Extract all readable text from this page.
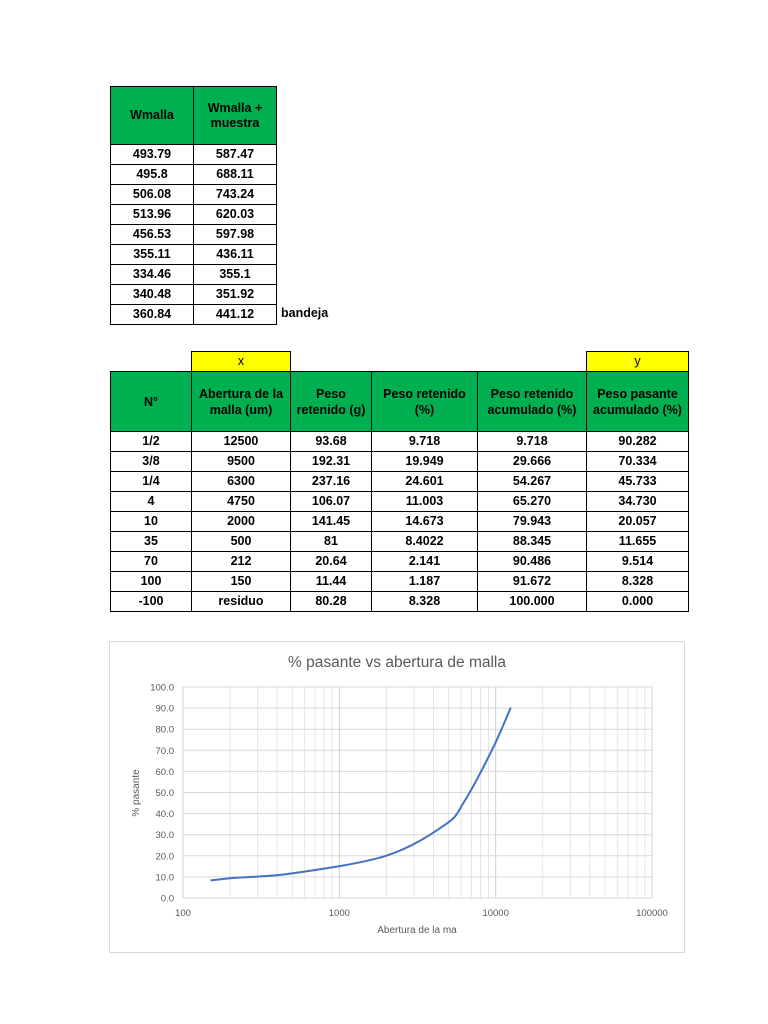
Wmalla	Wmalla + muestra
493.79	587.47
495.8	688.11
506.08	743.24
513.96	620.03
456.53	597.98
355.11	436.11
334.46	355.1
340.48	351.92
360.84	441.12 bandeja
x	y
N°	Abertura de la malla (um)	Peso retenido (g)	Peso retenido (%)	Peso retenido acumulado (%)	Peso pasante acumulado (%)
1/2	12500	93.68	9.718	9.718	90.282
3/8	9500	192.31	19.949	29.666	70.334
1/4	6300	237.16	24.601	54.267	45.733
4	4750	106.07	11.003	65.270	34.730
10	2000	141.45	14.673	79.943	20.057
35	500	81	8.4022	88.345	11.655
70	212	20.64	2.141	90.486	9.514
100	150	11.44	1.187	91.672	8.328
-100	residuo	80.28	8.328	100.000	0.000
% pasante vs abertura de malla
0.0
10.0
20.0
30.0
40.0
50.0
60.0
70.0
80.0
90.0
100.0
100	1000	10000	100000
% pasante
Abertura de la ma
